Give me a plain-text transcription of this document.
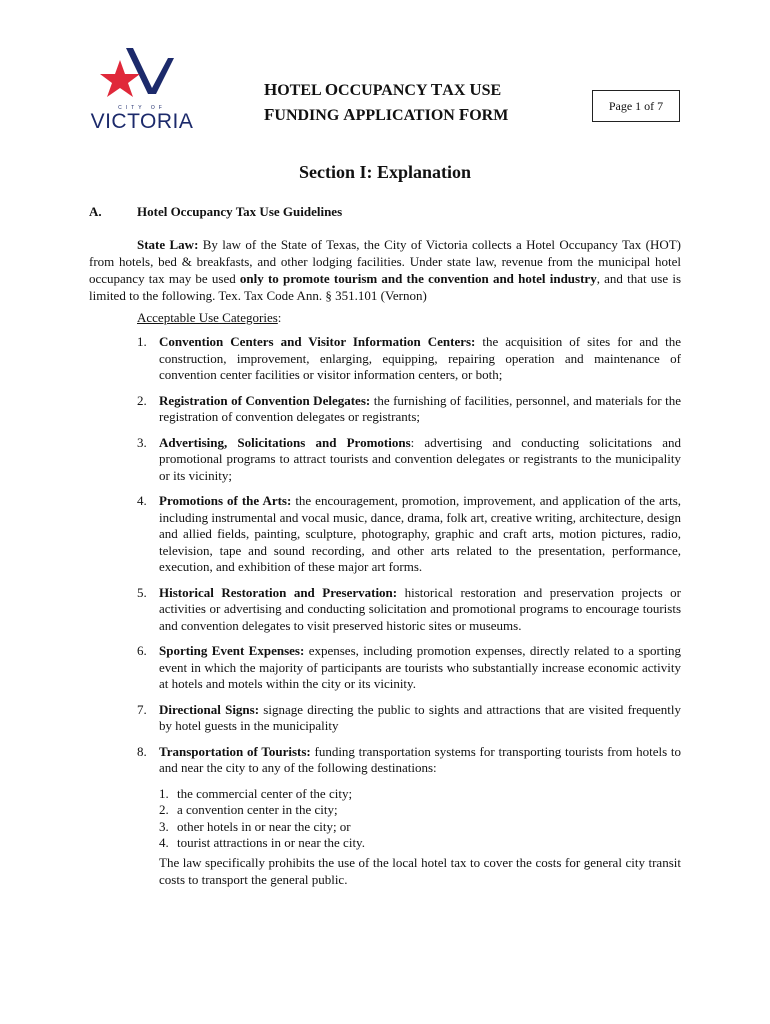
CITY OF
VICTORIA
HOTEL OCCUPANCY TAX USE
FUNDING APPLICATION FORM
Page 1 of 7
Section I: Explanation
A.	Hotel Occupancy Tax Use Guidelines
State Law: By law of the State of Texas, the City of Victoria collects a Hotel Occupancy Tax (HOT) from hotels, bed & breakfasts, and other lodging facilities. Under state law, revenue from the municipal hotel occupancy tax may be used only to promote tourism and the convention and hotel industry, and that use is limited to the following. Tex. Tax Code Ann. § 351.101 (Vernon)
Acceptable Use Categories:
1. Convention Centers and Visitor Information Centers: the acquisition of sites for and the construction, improvement, enlarging, equipping, repairing operation and maintenance of convention center facilities or visitor information centers, or both;
2. Registration of Convention Delegates: the furnishing of facilities, personnel, and materials for the registration of convention delegates or registrants;
3. Advertising, Solicitations and Promotions: advertising and conducting solicitations and promotional programs to attract tourists and convention delegates or registrants to the municipality or its vicinity;
4. Promotions of the Arts: the encouragement, promotion, improvement, and application of the arts, including instrumental and vocal music, dance, drama, folk art, creative writing, architecture, design and allied fields, painting, sculpture, photography, graphic and craft arts, motion pictures, radio, television, tape and sound recording, and other arts related to the presentation, performance, execution, and exhibition of these major art forms.
5. Historical Restoration and Preservation: historical restoration and preservation projects or activities or advertising and conducting solicitation and promotional programs to encourage tourists and convention delegates to visit preserved historic sites or museums.
6. Sporting Event Expenses: expenses, including promotion expenses, directly related to a sporting event in which the majority of participants are tourists who substantially increase economic activity at hotels and motels within the city or its vicinity.
7. Directional Signs: signage directing the public to sights and attractions that are visited frequently by hotel guests in the municipality
8. Transportation of Tourists: funding transportation systems for transporting tourists from hotels to and near the city to any of the following destinations:
1. the commercial center of the city;
2. a convention center in the city;
3. other hotels in or near the city; or
4. tourist attractions in or near the city.
The law specifically prohibits the use of the local hotel tax to cover the costs for general city transit costs to transport the general public.
